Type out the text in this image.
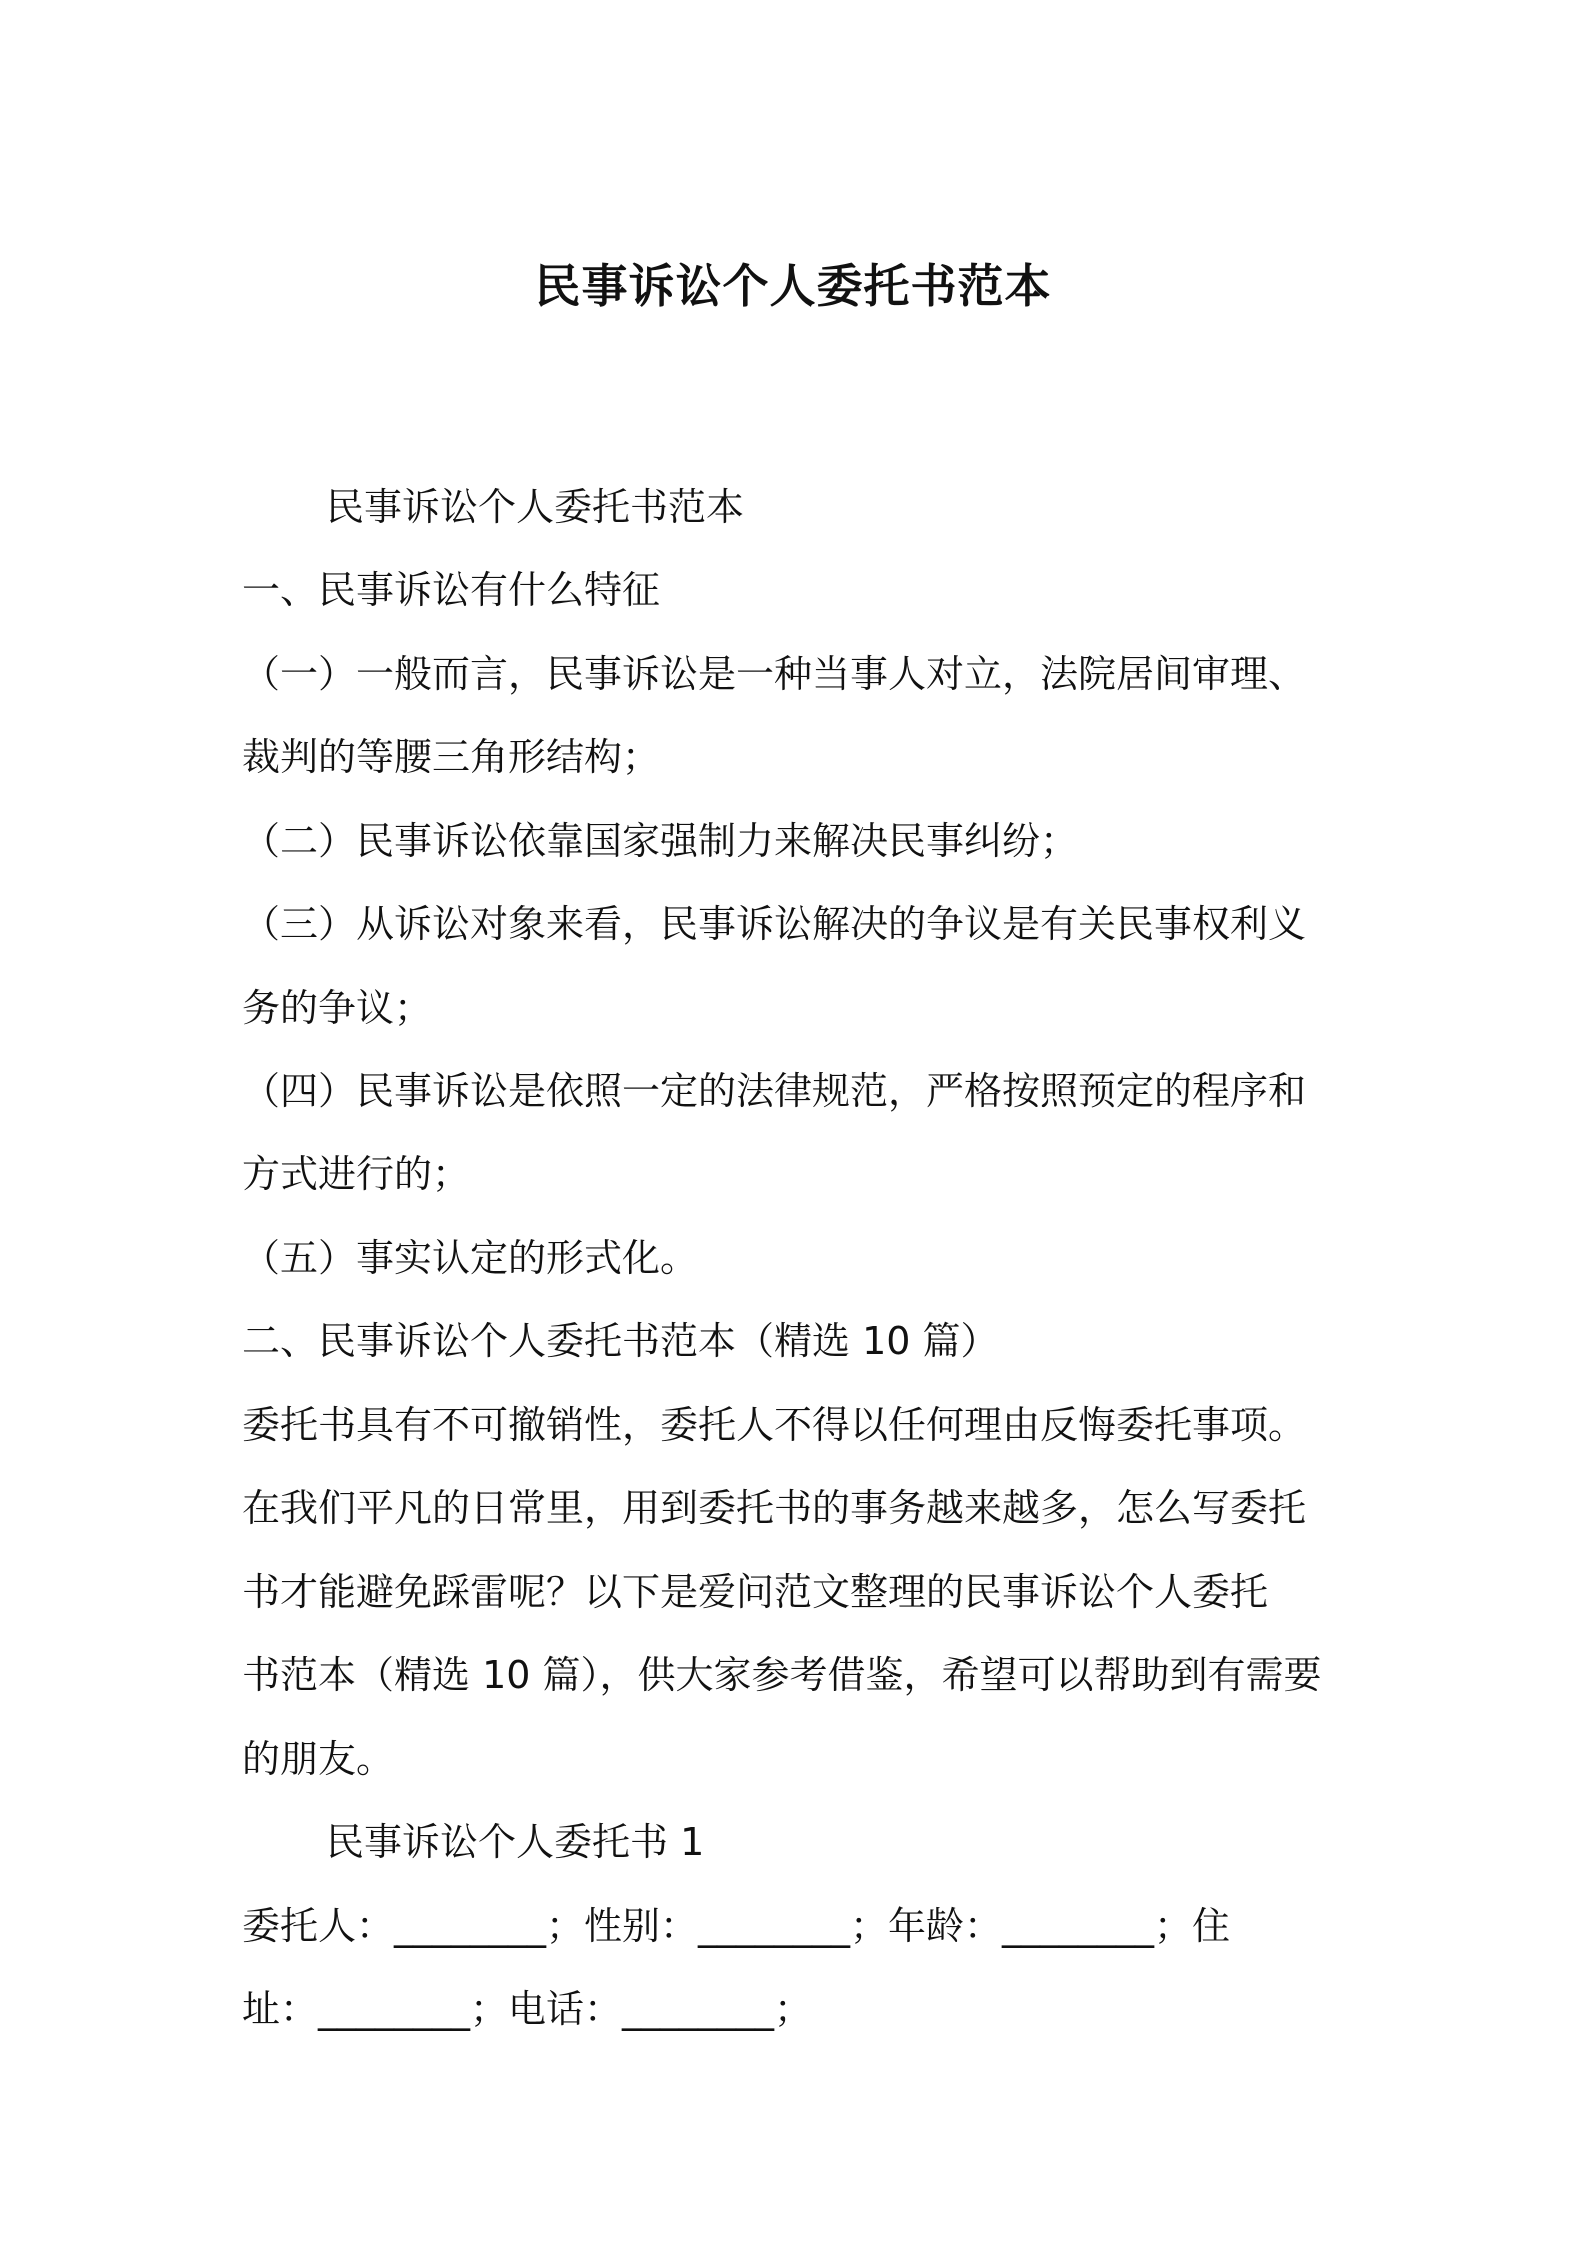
民事诉讼个人委托书范本
民事诉讼个人委托书范本
一、民事诉讼有什么特征
（一）一般而言，民事诉讼是一种当事人对立，法院居间审理、
裁判的等腰三角形结构；
（二）民事诉讼依靠国家强制力来解决民事纠纷；
（三）从诉讼对象来看，民事诉讼解决的争议是有关民事权利义
务的争议；
（四）民事诉讼是依照一定的法律规范，严格按照预定的程序和
方式进行的；
（五）事实认定的形式化。
二、民事诉讼个人委托书范本（精选 10 篇）
委托书具有不可撤销性，委托人不得以任何理由反悔委托事项。
在我们平凡的日常里，用到委托书的事务越来越多，怎么写委托
书才能避免踩雷呢？以下是爱问范文整理的民事诉讼个人委托
书范本（精选 10 篇），供大家参考借鉴，希望可以帮助到有需要
的朋友。
民事诉讼个人委托书 1
委托人：________；性别：________；年龄：________；住
址：________；电话：________；
